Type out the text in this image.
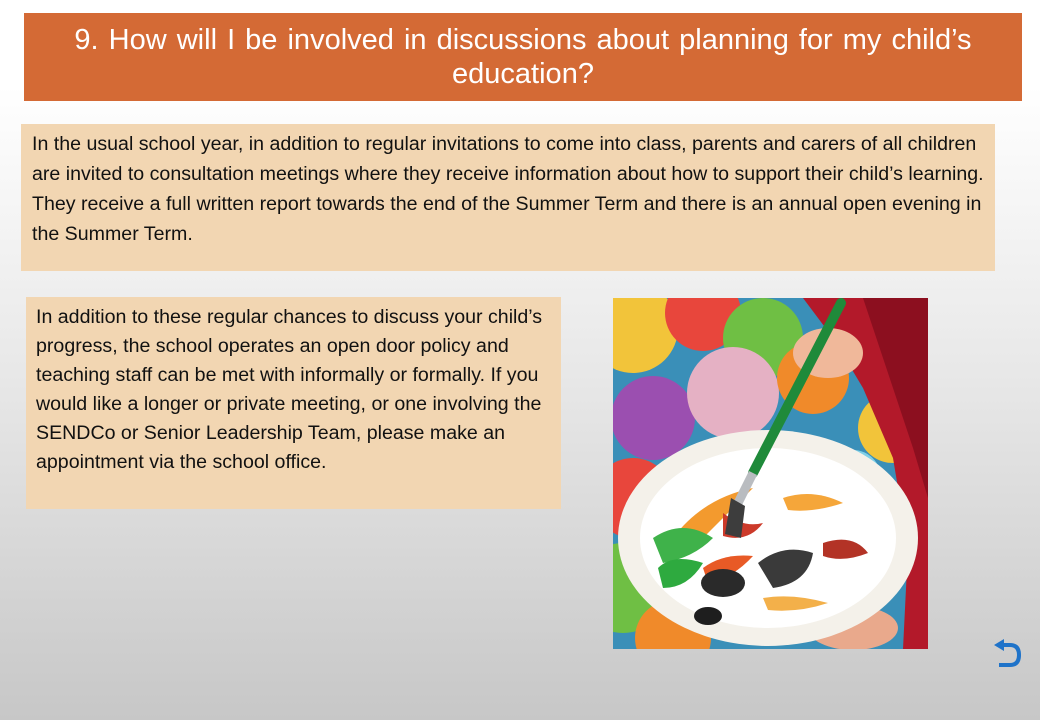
9. How will I be involved in discussions about planning for my child’s education?
In the usual school year, in addition to regular invitations to come into class, parents and carers of all children are invited to consultation meetings where they receive information about how to support their child’s learning. They receive a full written report towards the end of the Summer Term and there is an annual open evening in the Summer Term.
In addition to these regular chances to discuss your child’s progress, the school operates an open door policy and teaching staff can be met with informally or formally. If you would like a longer or private meeting, or one involving the SENDCo or Senior Leadership Team, please make an appointment via the school office.
